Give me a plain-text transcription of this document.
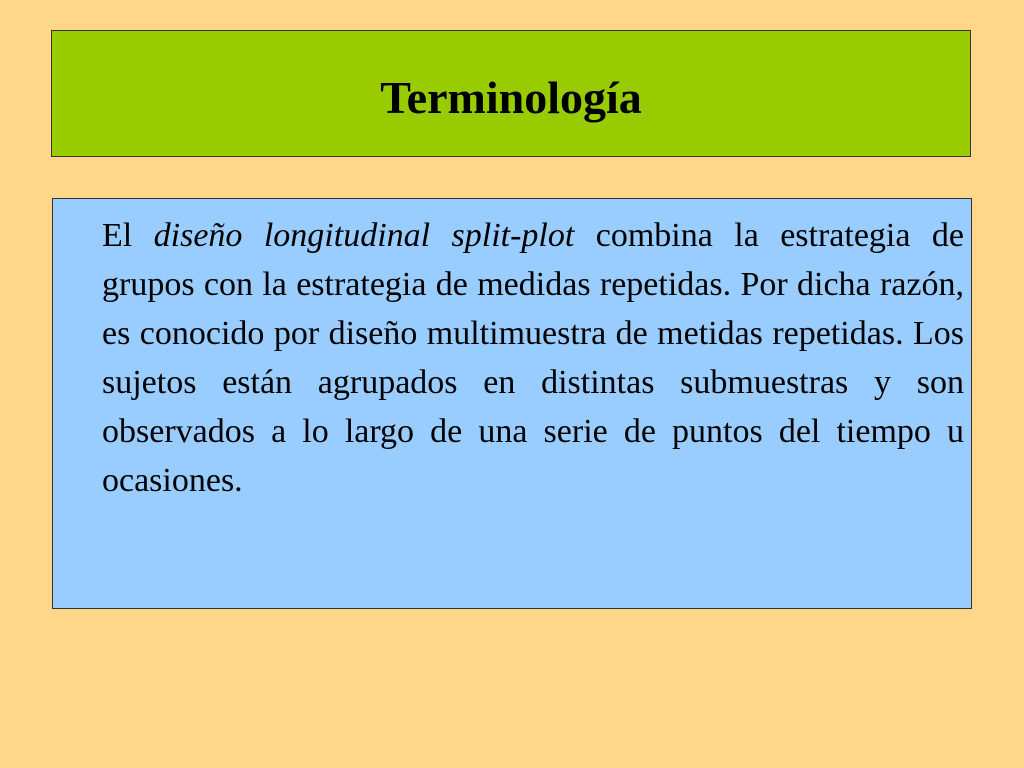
Terminología

El diseño longitudinal split-plot combina la estrategia de grupos con la estrategia de medidas repetidas. Por dicha razón, es conocido por diseño multimuestra de metidas repetidas. Los sujetos están agrupados en distintas submuestras y son observados a lo largo de una serie de puntos del tiempo u ocasiones.
